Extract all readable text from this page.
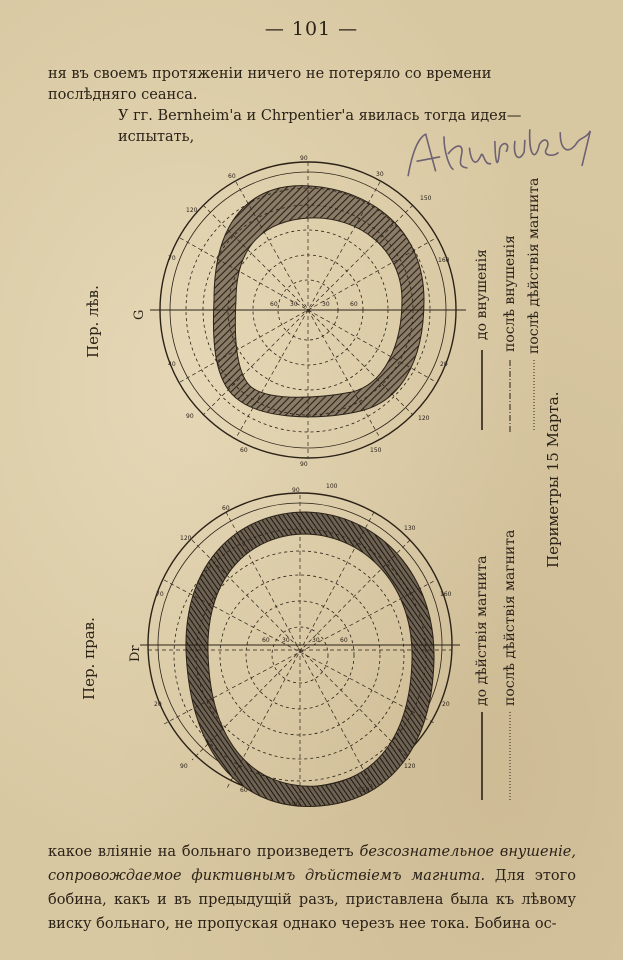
— 101 —
ня въ своемъ протяженіи ничего не потеряло со времени послѣдняго сеанса.
У гг. Bernheim'a и Chrpentier'a явилась тогда идея—испытать,
90
90
60	30
150
120
70	160
40	20
90	120
60	150
60 30	30	60
90
90
60
100
130
120
70	160
20	20
90	120
60	150
60 30	30	60
Пер. лѣв. G	до внушенія послѣ внушенія послѣ дѣйствія магнита
Периметры 15 Марта.
Пер. прав. Dr	до дѣйствія магнита послѣ дѣйствія магнита
какое вліяніе на больнаго произведетъ безсознательное внушеніе, сопровождаемое фиктивнымъ дѣйствіемъ магнита. Для этого бобина, какъ и въ предыдущій разъ, приставлена была къ лѣвому виску больнаго, не пропуская однако черезъ нее тока. Бобина ос-
